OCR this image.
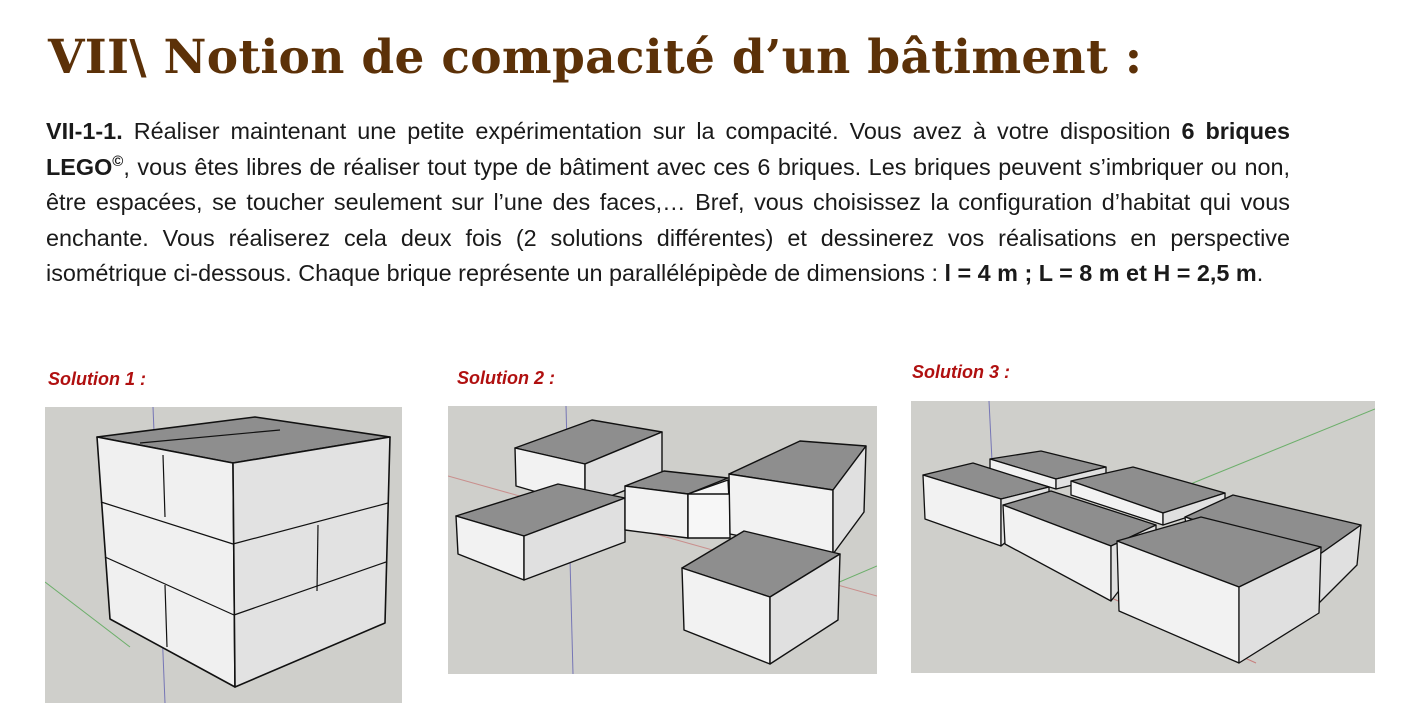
VII\ Notion de compacité d’un bâtiment :

VII-1-1. Réaliser maintenant une petite expérimentation sur la compacité. Vous avez à votre disposition 6 briques LEGO©, vous êtes libres de réaliser tout type de bâtiment avec ces 6 briques. Les briques peuvent s’imbriquer ou non, être espacées, se toucher seulement sur l’une des faces,… Bref, vous choisissez la configuration d’habitat qui vous enchante. Vous réaliserez cela deux fois (2 solutions différentes) et dessinerez vos réalisations en perspective isométrique ci-dessous. Chaque brique représente un parallélépipède de dimensions : l = 4 m ; L = 8 m et H = 2,5 m.

Solution 1 :	Solution 2 :	Solution 3 :
